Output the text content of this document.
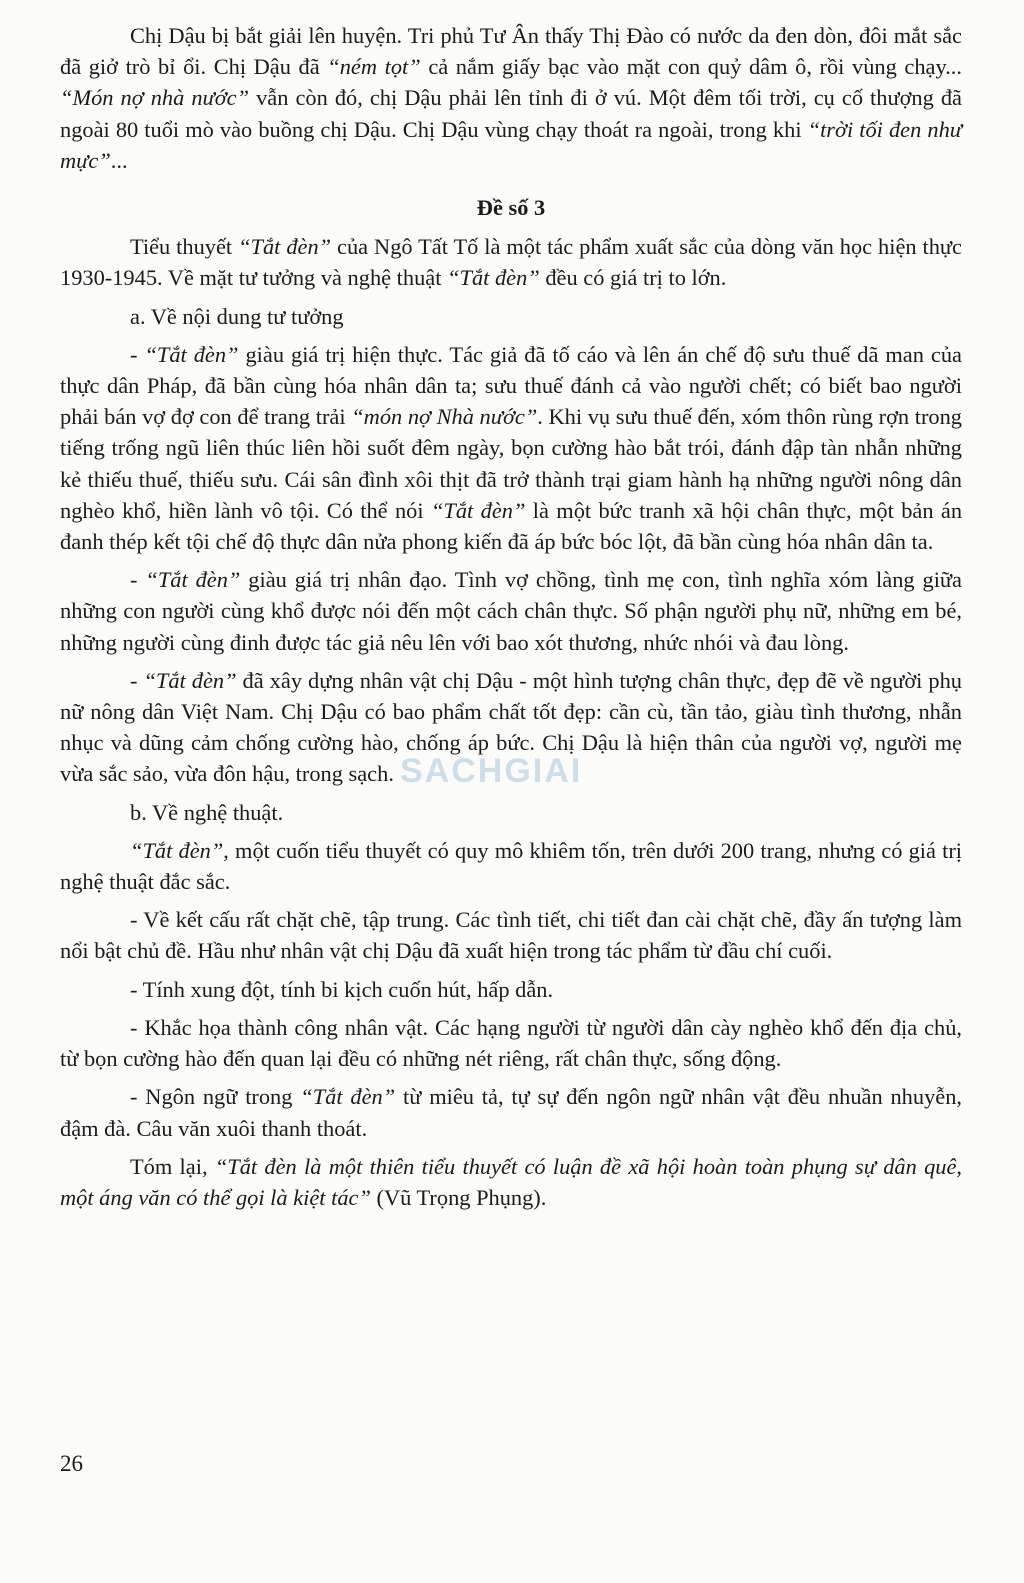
Chị Dậu bị bắt giải lên huyện. Tri phủ Tư Ân thấy Thị Đào có nước da đen dòn, đôi mắt sắc đã giở trò bỉ ổi. Chị Dậu đã “ném tọt” cả nắm giấy bạc vào mặt con quỷ dâm ô, rồi vùng chạy... “Món nợ nhà nước” vẫn còn đó, chị Dậu phải lên tỉnh đi ở vú. Một đêm tối trời, cụ cố thượng đã ngoài 80 tuổi mò vào buồng chị Dậu. Chị Dậu vùng chạy thoát ra ngoài, trong khi “trời tối đen như mực”...

Đề số 3

Tiểu thuyết “Tắt đèn” của Ngô Tất Tố là một tác phẩm xuất sắc của dòng văn học hiện thực 1930-1945. Về mặt tư tưởng và nghệ thuật “Tắt đèn” đều có giá trị to lớn.

a. Về nội dung tư tưởng

- “Tắt đèn” giàu giá trị hiện thực. Tác giả đã tố cáo và lên án chế độ sưu thuế dã man của thực dân Pháp, đã bần cùng hóa nhân dân ta; sưu thuế đánh cả vào người chết; có biết bao người phải bán vợ đợ con để trang trải “món nợ Nhà nước”. Khi vụ sưu thuế đến, xóm thôn rùng rợn trong tiếng trống ngũ liên thúc liên hồi suốt đêm ngày, bọn cường hào bắt trói, đánh đập tàn nhẫn những kẻ thiếu thuế, thiếu sưu. Cái sân đình xôi thịt đã trở thành trại giam hành hạ những người nông dân nghèo khổ, hiền lành vô tội. Có thể nói “Tắt đèn” là một bức tranh xã hội chân thực, một bản án đanh thép kết tội chế độ thực dân nửa phong kiến đã áp bức bóc lột, đã bần cùng hóa nhân dân ta.

- “Tắt đèn” giàu giá trị nhân đạo. Tình vợ chồng, tình mẹ con, tình nghĩa xóm làng giữa những con người cùng khổ được nói đến một cách chân thực. Số phận người phụ nữ, những em bé, những người cùng đinh được tác giả nêu lên với bao xót thương, nhức nhói và đau lòng.

- “Tắt đèn” đã xây dựng nhân vật chị Dậu - một hình tượng chân thực, đẹp đẽ về người phụ nữ nông dân Việt Nam. Chị Dậu có bao phẩm chất tốt đẹp: cần cù, tần tảo, giàu tình thương, nhẫn nhục và dũng cảm chống cường hào, chống áp bức. Chị Dậu là hiện thân của người vợ, người mẹ vừa sắc sảo, vừa đôn hậu, trong sạch.

b. Về nghệ thuật.

“Tắt đèn”, một cuốn tiểu thuyết có quy mô khiêm tốn, trên dưới 200 trang, nhưng có giá trị nghệ thuật đắc sắc.

- Về kết cấu rất chặt chẽ, tập trung. Các tình tiết, chi tiết đan cài chặt chẽ, đầy ấn tượng làm nổi bật chủ đề. Hầu như nhân vật chị Dậu đã xuất hiện trong tác phẩm từ đầu chí cuối.

- Tính xung đột, tính bi kịch cuốn hút, hấp dẫn.

- Khắc họa thành công nhân vật. Các hạng người từ người dân cày nghèo khổ đến địa chủ, từ bọn cường hào đến quan lại đều có những nét riêng, rất chân thực, sống động.

- Ngôn ngữ trong “Tắt đèn” từ miêu tả, tự sự đến ngôn ngữ nhân vật đều nhuần nhuyễn, đậm đà. Câu văn xuôi thanh thoát.

Tóm lại, “Tắt đèn là một thiên tiểu thuyết có luận đề xã hội hoàn toàn phụng sự dân quê, một áng văn có thể gọi là kiệt tác” (Vũ Trọng Phụng).

SACHGIAI
26
